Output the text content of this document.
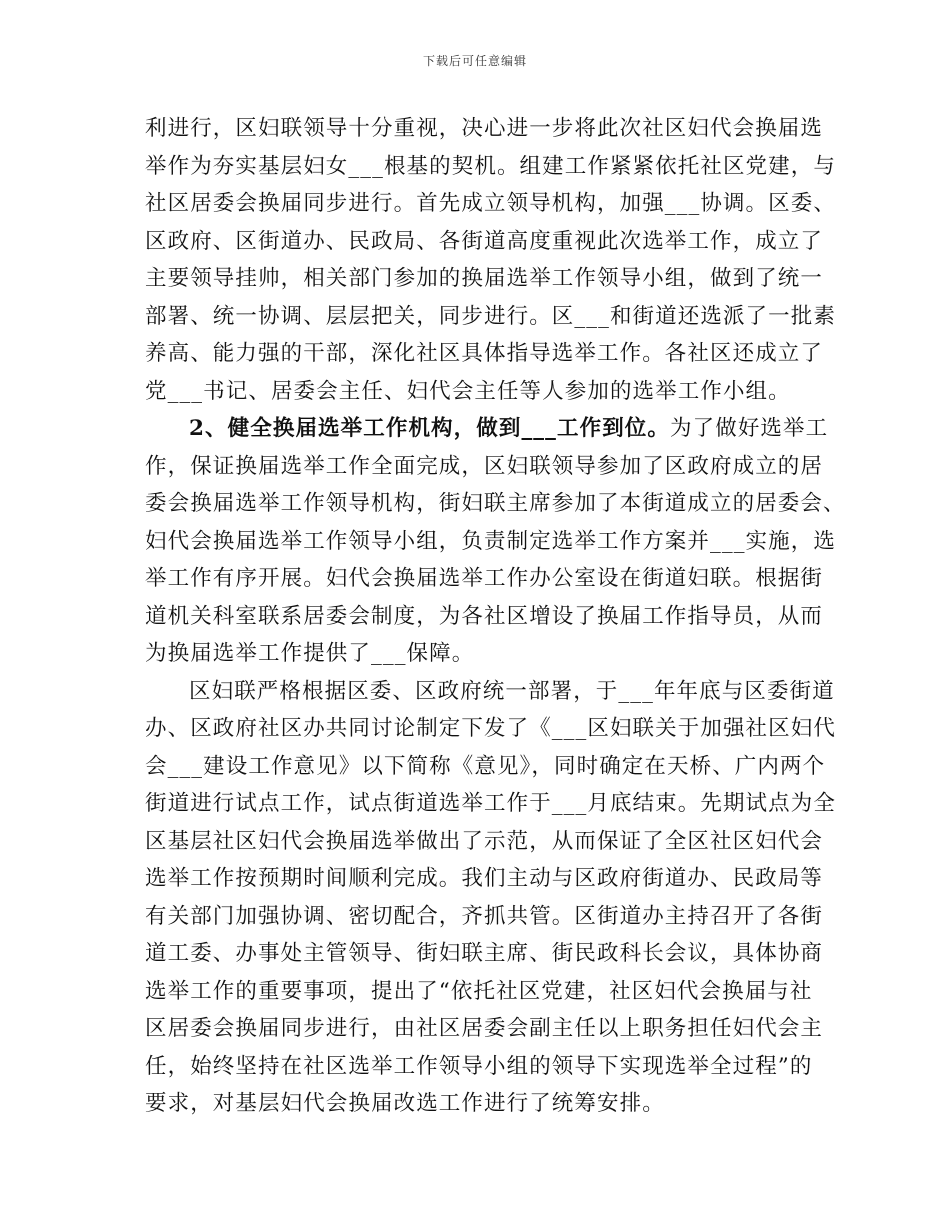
下载后可任意编辑
利进行，区妇联领导十分重视，决心进一步将此次社区妇代会换届选
举作为夯实基层妇女___根基的契机。组建工作紧紧依托社区党建，与
社区居委会换届同步进行。首先成立领导机构，加强___协调。区委、
区政府、区街道办、民政局、各街道高度重视此次选举工作，成立了
主要领导挂帅，相关部门参加的换届选举工作领导小组，做到了统一
部署、统一协调、层层把关，同步进行。区___和街道还选派了一批素
养高、能力强的干部，深化社区具体指导选举工作。各社区还成立了
党___书记、居委会主任、妇代会主任等人参加的选举工作小组。
2、健全换届选举工作机构，做到___工作到位。为了做好选举工
作，保证换届选举工作全面完成，区妇联领导参加了区政府成立的居
委会换届选举工作领导机构，街妇联主席参加了本街道成立的居委会、
妇代会换届选举工作领导小组，负责制定选举工作方案并___实施，选
举工作有序开展。妇代会换届选举工作办公室设在街道妇联。根据街
道机关科室联系居委会制度，为各社区增设了换届工作指导员，从而
为换届选举工作提供了___保障。
区妇联严格根据区委、区政府统一部署，于___年年底与区委街道
办、区政府社区办共同讨论制定下发了《___区妇联关于加强社区妇代
会___建设工作意见》以下简称《意见》，同时确定在天桥、广内两个
街道进行试点工作，试点街道选举工作于___月底结束。先期试点为全
区基层社区妇代会换届选举做出了示范，从而保证了全区社区妇代会
选举工作按预期时间顺利完成。我们主动与区政府街道办、民政局等
有关部门加强协调、密切配合，齐抓共管。区街道办主持召开了各街
道工委、办事处主管领导、街妇联主席、街民政科长会议，具体协商
选举工作的重要事项，提出了“依托社区党建，社区妇代会换届与社
区居委会换届同步进行，由社区居委会副主任以上职务担任妇代会主
任，始终坚持在社区选举工作领导小组的领导下实现选举全过程”的
要求，对基层妇代会换届改选工作进行了统筹安排。
